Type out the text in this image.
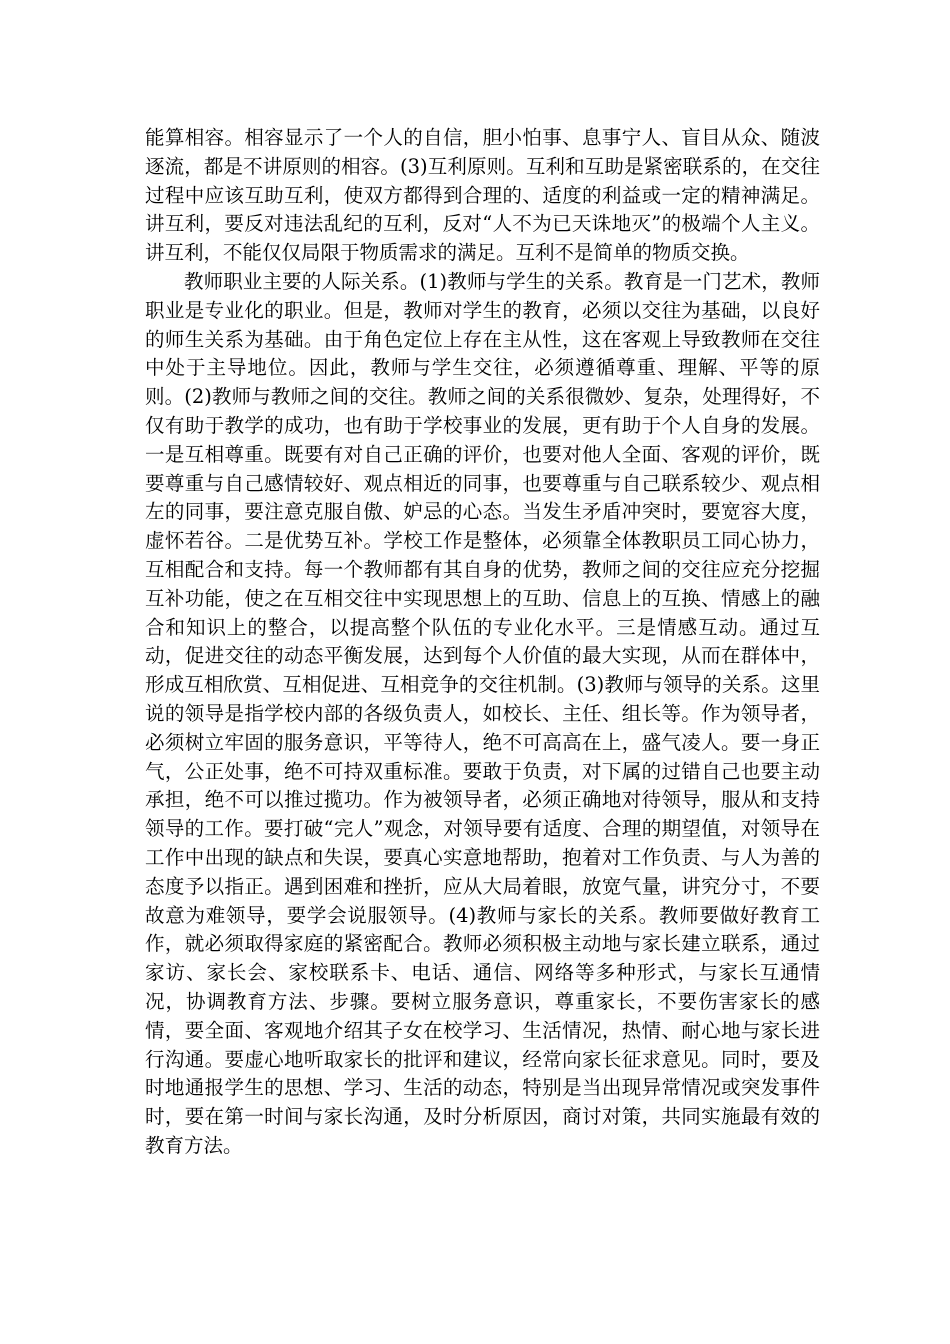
能算相容。相容显示了一个人的自信，胆小怕事、息事宁人、盲目从众、随波逐流，都是不讲原则的相容。(3)互利原则。互利和互助是紧密联系的，在交往过程中应该互助互利，使双方都得到合理的、适度的利益或一定的精神满足。讲互利，要反对违法乱纪的互利，反对“人不为已天诛地灭”的极端个人主义。讲互利，不能仅仅局限于物质需求的满足。互利不是简单的物质交换。

教师职业主要的人际关系。(1)教师与学生的关系。教育是一门艺术，教师职业是专业化的职业。但是，教师对学生的教育，必须以交往为基础，以良好的师生关系为基础。由于角色定位上存在主从性，这在客观上导致教师在交往中处于主导地位。因此，教师与学生交往，必须遵循尊重、理解、平等的原则。(2)教师与教师之间的交往。教师之间的关系很微妙、复杂，处理得好，不仅有助于教学的成功，也有助于学校事业的发展，更有助于个人自身的发展。一是互相尊重。既要有对自己正确的评价，也要对他人全面、客观的评价，既要尊重与自己感情较好、观点相近的同事，也要尊重与自己联系较少、观点相左的同事，要注意克服自傲、妒忌的心态。当发生矛盾冲突时，要宽容大度，虚怀若谷。二是优势互补。学校工作是整体，必须靠全体教职员工同心协力，互相配合和支持。每一个教师都有其自身的优势，教师之间的交往应充分挖掘互补功能，使之在互相交往中实现思想上的互助、信息上的互换、情感上的融合和知识上的整合，以提高整个队伍的专业化水平。三是情感互动。通过互动，促进交往的动态平衡发展，达到每个人价值的最大实现，从而在群体中，形成互相欣赏、互相促进、互相竞争的交往机制。(3)教师与领导的关系。这里说的领导是指学校内部的各级负责人，如校长、主任、组长等。作为领导者，必须树立牢固的服务意识，平等待人，绝不可高高在上，盛气凌人。要一身正气，公正处事，绝不可持双重标准。要敢于负责，对下属的过错自己也要主动承担，绝不可以推过揽功。作为被领导者，必须正确地对待领导，服从和支持领导的工作。要打破“完人”观念，对领导要有适度、合理的期望值，对领导在工作中出现的缺点和失误，要真心实意地帮助，抱着对工作负责、与人为善的态度予以指正。遇到困难和挫折，应从大局着眼，放宽气量，讲究分寸，不要故意为难领导，要学会说服领导。(4)教师与家长的关系。教师要做好教育工作，就必须取得家庭的紧密配合。教师必须积极主动地与家长建立联系，通过家访、家长会、家校联系卡、电话、通信、网络等多种形式，与家长互通情况，协调教育方法、步骤。要树立服务意识，尊重家长，不要伤害家长的感情，要全面、客观地介绍其子女在校学习、生活情况，热情、耐心地与家长进行沟通。要虚心地听取家长的批评和建议，经常向家长征求意见。同时，要及时地通报学生的思想、学习、生活的动态，特别是当出现异常情况或突发事件时，要在第一时间与家长沟通，及时分析原因，商讨对策，共同实施最有效的教育方法。
